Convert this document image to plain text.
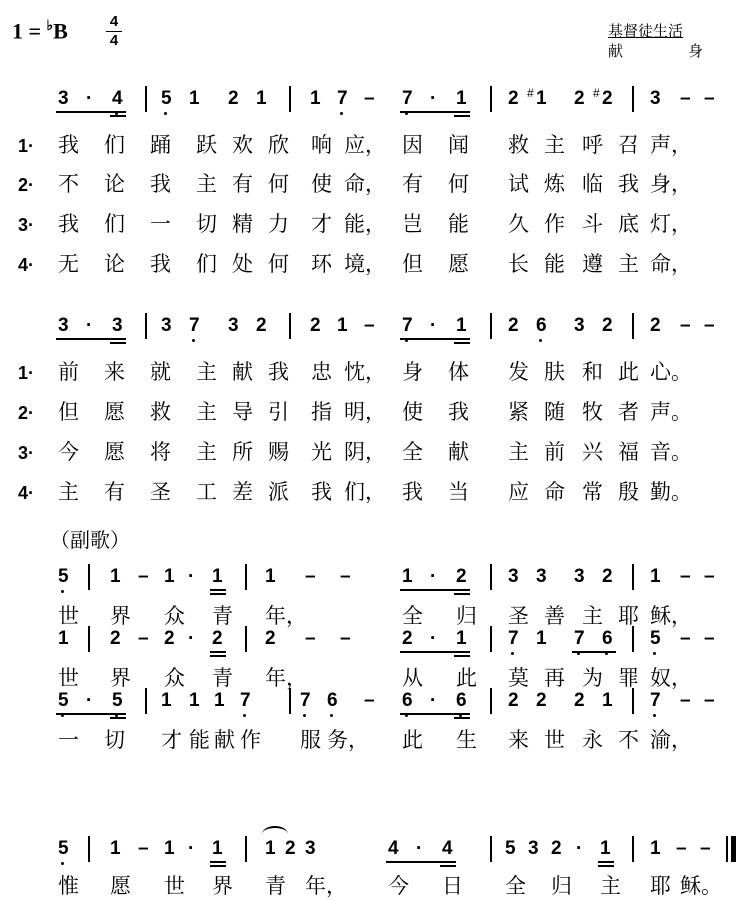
1 = ♭B	4
4
基督徒生活
献	身
3 · 4 5 1 2 1 1 7 – 7 · 1 2 1
# 2 2
#	3 – –
3 · 3 3 7 3 2 2 1 – 7 · 1 2 6 3 2 2 – –
5 1 – 1 · 1 1 – –	1 · 2 3 3 3 2 1 – –
1 2 – 2 · 2 2 – –	2 · 1 7 1 7 6 5 – –
5 · 5 1 1 1 7	7 6 – 6 · 6 2 2 2 1 7 – –
5 1 – 1 · 1 1 2 3	4 · 4	5 3 2 · 1 1 – –
（副歌）
1· 我 们 踊 跃 欢 欣 响 应， 因 闻 救 主 呼 召 声，
2· 不 论 我 主 有 何 使 命， 有 何 试 炼 临 我 身，
3· 我 们 一 切 精 力 才 能， 岂 能 久 作 斗 底 灯，
4· 无 论 我 们 处 何 环 境， 但 愿 长 能 遵 主 命，
1· 前 来 就 主 献 我 忠 忱， 身 体 发 肤 和 此 心。
2· 但 愿 救 主 导 引 指 明， 使 我 紧 随 牧 者 声。
3· 今 愿 将 主 所 赐 光 阴， 全 献 主 前 兴 福 音。
4· 主 有 圣 工 差 派 我 们， 我 当 应 命 常 殷 勤。
世 界 众 青 年，	全 归 圣 善 主 耶 稣，
世 界 众 青 年，	从 此 莫 再 为 罪 奴，
一 切 才 能 献 作 服 务， 此 生 来 世 永 不 渝，
惟 愿 世 界 青 年， 今 日 全 归 主 耶 稣。
